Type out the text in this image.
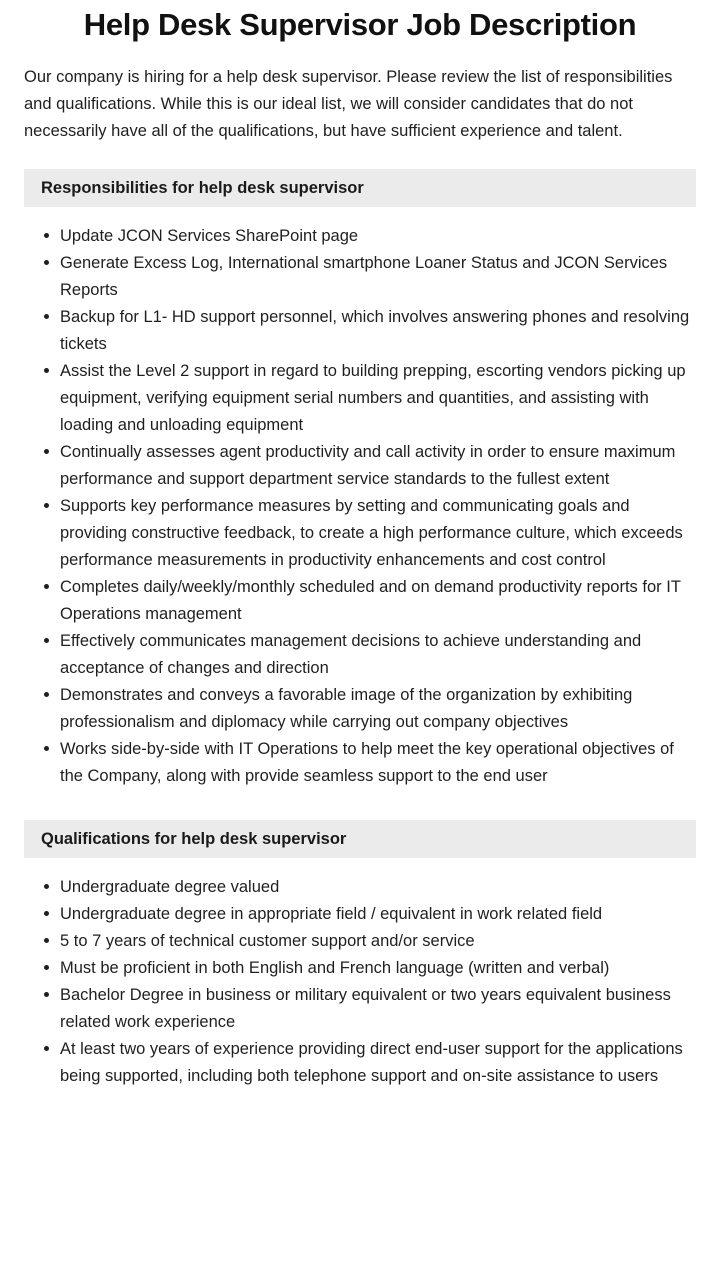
Help Desk Supervisor Job Description

Our company is hiring for a help desk supervisor. Please review the list of responsibilities and qualifications. While this is our ideal list, we will consider candidates that do not necessarily have all of the qualifications, but have sufficient experience and talent.

Responsibilities for help desk supervisor
Update JCON Services SharePoint page
Generate Excess Log, International smartphone Loaner Status and JCON Services Reports
Backup for L1- HD support personnel, which involves answering phones and resolving tickets
Assist the Level 2 support in regard to building prepping, escorting vendors picking up equipment, verifying equipment serial numbers and quantities, and assisting with loading and unloading equipment
Continually assesses agent productivity and call activity in order to ensure maximum performance and support department service standards to the fullest extent
Supports key performance measures by setting and communicating goals and providing constructive feedback, to create a high performance culture, which exceeds performance measurements in productivity enhancements and cost control
Completes daily/weekly/monthly scheduled and on demand productivity reports for IT Operations management
Effectively communicates management decisions to achieve understanding and acceptance of changes and direction
Demonstrates and conveys a favorable image of the organization by exhibiting professionalism and diplomacy while carrying out company objectives
Works side-by-side with IT Operations to help meet the key operational objectives of the Company, along with provide seamless support to the end user
Qualifications for help desk supervisor
Undergraduate degree valued
Undergraduate degree in appropriate field / equivalent in work related field
5 to 7 years of technical customer support and/or service
Must be proficient in both English and French language (written and verbal)
Bachelor Degree in business or military equivalent or two years equivalent business related work experience
At least two years of experience providing direct end-user support for the applications being supported, including both telephone support and on-site assistance to users
